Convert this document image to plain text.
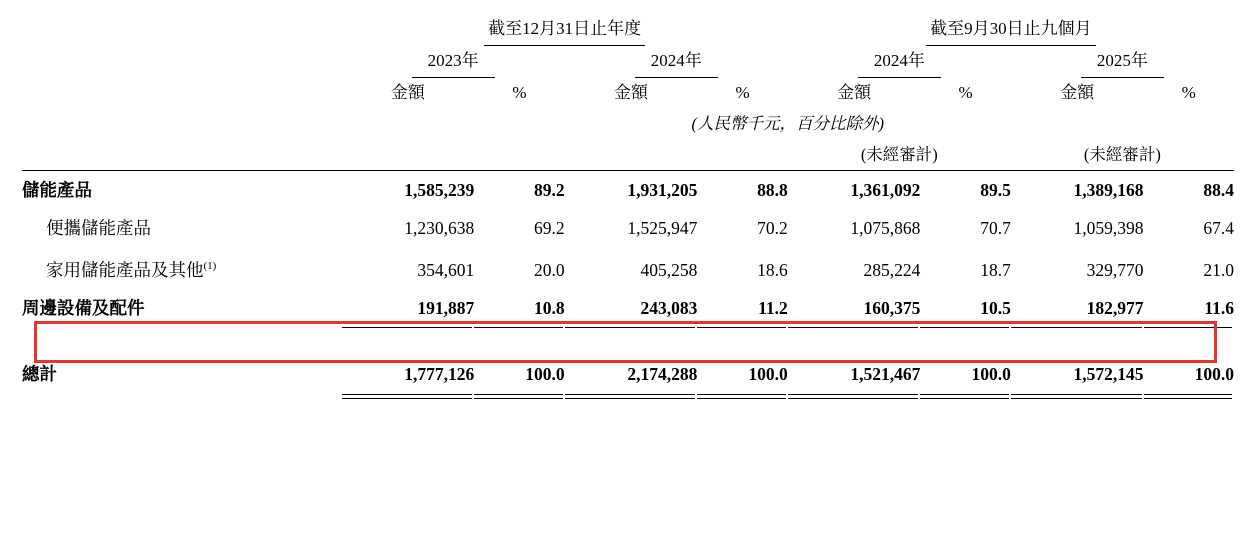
	截至12月31日止年度				截至9月30日止九個月			
	2023年		2024年		2024年		2025年	
	金額	%	金額	%	金額	%	金額	%
	(人民幣千元，百分比除外)							
					(未經審計)		(未經審計)	

儲能產品	1,585,239	89.2	1,931,205	88.8	1,361,092	89.5	1,389,168	88.4
便攜儲能產品	1,230,638	69.2	1,525,947	70.2	1,075,868	70.7	1,059,398	67.4
家用儲能產品及其他$^{(1)}$	354,601	20.0	405,258	18.6	285,224	18.7	329,770	21.0
周邊設備及配件	191,887	10.8	243,083	11.2	160,375	10.5	182,977	11.6

總計	1,777,126	100.0	2,174,288	100.0	1,521,467	100.0	1,572,145	100.0
